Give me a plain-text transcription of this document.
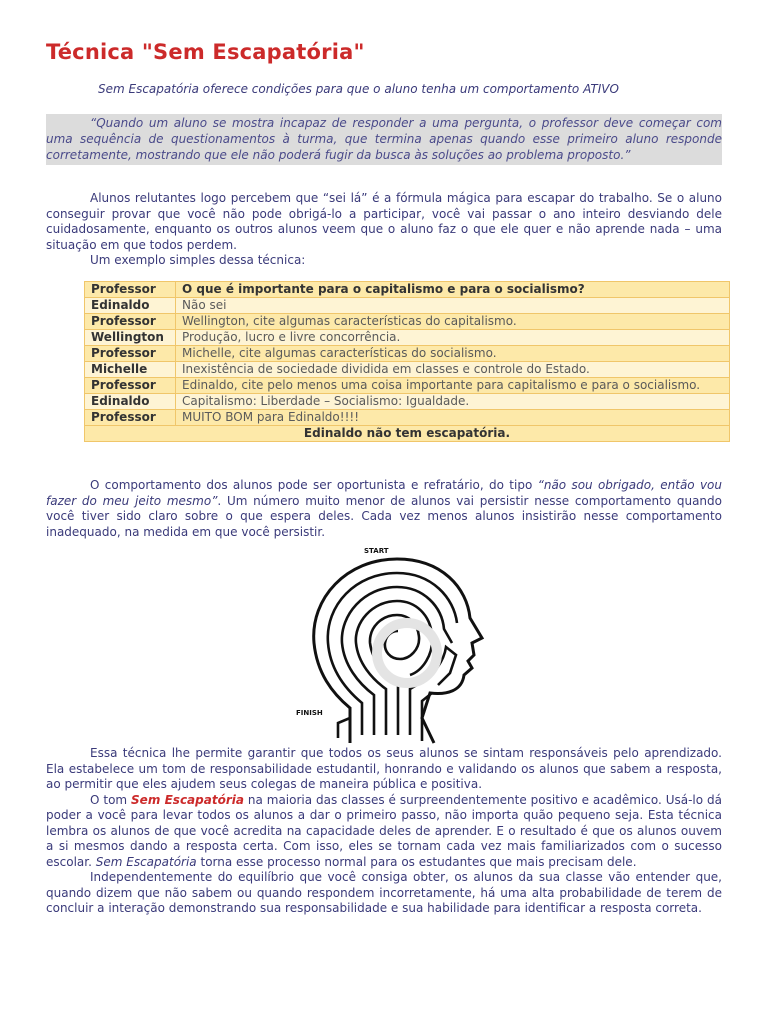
Técnica "Sem Escapatória"
Sem Escapatória oferece condições para que o aluno tenha um comportamento ATIVO
“Quando um aluno se mostra incapaz de responder a uma pergunta, o professor deve começar com uma sequência de questionamentos à turma, que termina apenas quando esse primeiro aluno responde corretamente, mostrando que ele não poderá fugir da busca às soluções ao problema proposto.”

Alunos relutantes logo percebem que “sei lá” é a fórmula mágica para escapar do trabalho. Se o aluno conseguir provar que você não pode obrigá-lo a participar, você vai passar o ano inteiro desviando dele cuidadosamente, enquanto os outros alunos veem que o aluno faz o que ele quer e não aprende nada – uma situação em que todos perdem.

Um exemplo simples dessa técnica:

Professor	O que é importante para o capitalismo e para o socialismo?
Edinaldo	Não sei
Professor	Wellington, cite algumas características do capitalismo.
Wellington	Produção, lucro e livre concorrência.
Professor	Michelle, cite algumas características do socialismo.
Michelle	Inexistência de sociedade dividida em classes e controle do Estado.
Professor	Edinaldo, cite pelo menos uma coisa importante para capitalismo e para o socialismo.
Edinaldo	Capitalismo: Liberdade – Socialismo: Igualdade.
Professor	MUITO BOM para Edinaldo!!!!
Edinaldo não tem escapatória.	

O comportamento dos alunos pode ser oportunista e refratário, do tipo “não sou obrigado, então vou fazer do meu jeito mesmo”. Um número muito menor de alunos vai persistir nesse comportamento quando você tiver sido claro sobre o que espera deles. Cada vez menos alunos insistirão nesse comportamento inadequado, na medida em que você persistir.

START
FINISH

Essa técnica lhe permite garantir que todos os seus alunos se sintam responsáveis pelo aprendizado. Ela estabelece um tom de responsabilidade estudantil, honrando e validando os alunos que sabem a resposta, ao permitir que eles ajudem seus colegas de maneira pública e positiva.

O tom Sem Escapatória na maioria das classes é surpreendentemente positivo e acadêmico. Usá-lo dá poder a você para levar todos os alunos a dar o primeiro passo, não importa quão pequeno seja. Esta técnica lembra os alunos de que você acredita na capacidade deles de aprender. E o resultado é que os alunos ouvem a si mesmos dando a resposta certa. Com isso, eles se tornam cada vez mais familiarizados com o sucesso escolar. Sem Escapatória torna esse processo normal para os estudantes que mais precisam dele.

Independentemente do equilíbrio que você consiga obter, os alunos da sua classe vão entender que, quando dizem que não sabem ou quando respondem incorretamente, há uma alta probabilidade de terem de concluir a interação demonstrando sua responsabilidade e sua habilidade para identificar a resposta correta.
